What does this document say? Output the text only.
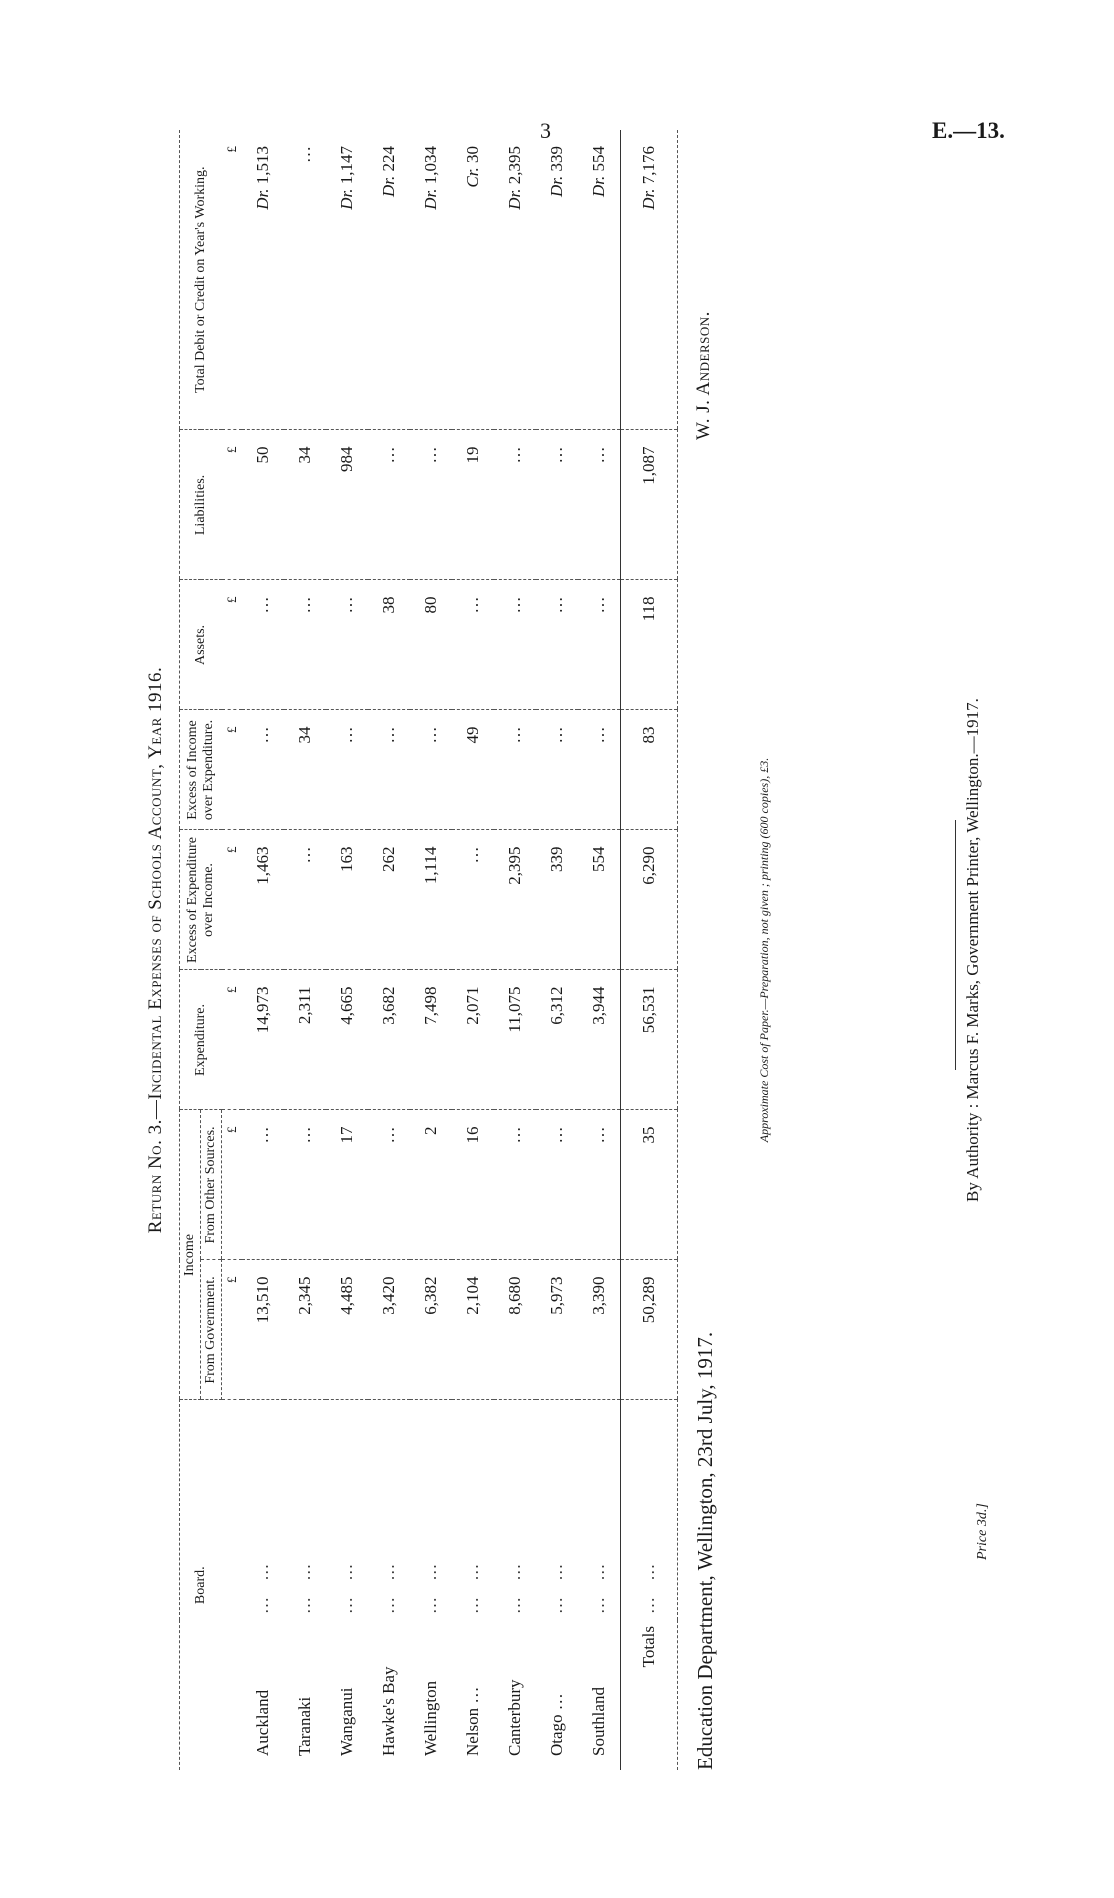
3	E.—13.
Return No. 3.—Incidental Expenses of Schools Account, Year 1916.
Board.		Income		Expenditure.	Excess of Expenditure over Income.	Excess of Income over Expenditure.	Assets.	Liabilities.	Total Debit or Credit on Year's Working.
		From Government.	From Other Sources.						
		£	£	£	£	£	£	£	£
Auckland	… …	13,510	…	14,973	1,463	…	…	50	Dr. 1,513
Taranaki	… …	2,345	…	2,311	…	34	…	34	…
Wanganui	… …	4,485	17	4,665	163	…	…	984	Dr. 1,147
Hawke's Bay	… …	3,420	…	3,682	262	…	38	…	Dr. 224
Wellington	… …	6,382	2	7,498	1,114	…	80	…	Dr. 1,034
Nelson …	… …	2,104	16	2,071	…	49	…	19	Cr. 30
Canterbury	… …	8,680	…	11,075	2,395	…	…	…	Dr. 2,395
Otago …	… …	5,973	…	6,312	339	…	…	…	Dr. 339
Southland	… …	3,390	…	3,944	554	…	…	…	Dr. 554
Totals	… …	50,289	35	56,531	6,290	83	118	1,087	Dr. 7,176
Education Department, Wellington, 23rd July, 1917.
W. J. Anderson.
Approximate Cost of Paper.—Preparation, not given ; printing (600 copies), £3.	By Authority : Marcus F. Marks, Government Printer, Wellington.—1917.
Price 3d.]
